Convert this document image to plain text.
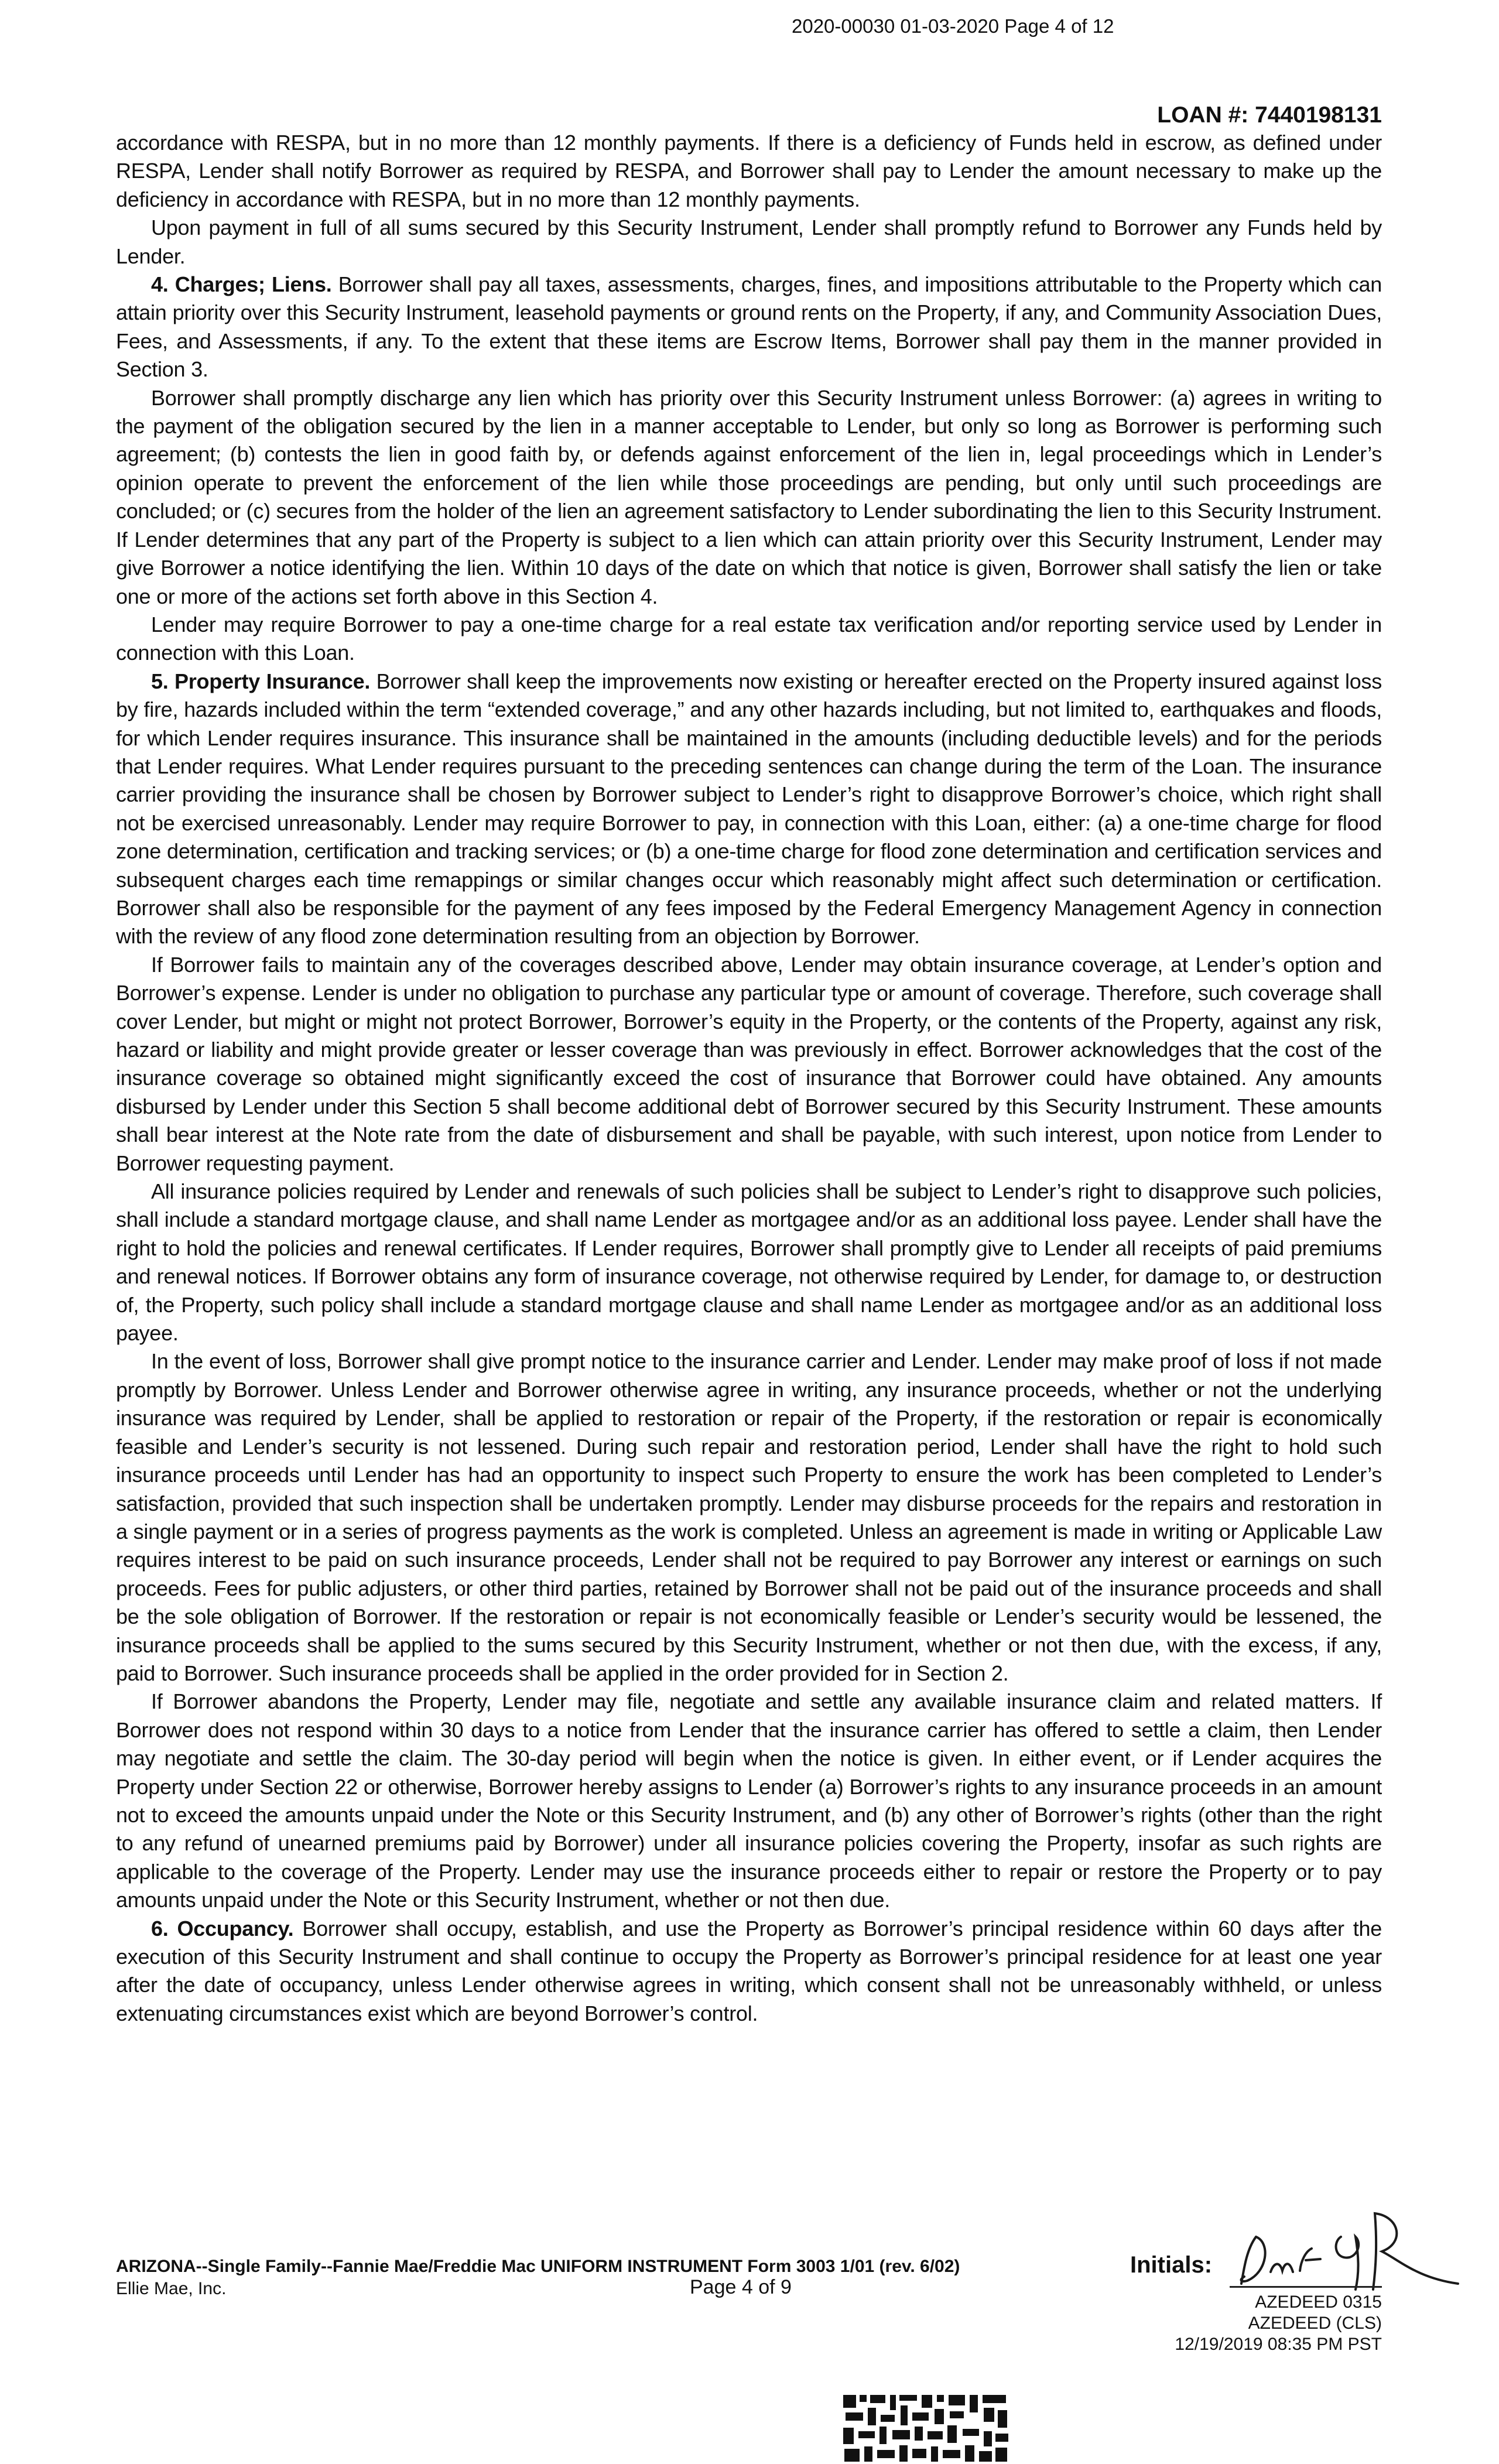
2020-00030 01-03-2020 Page 4 of 12
LOAN #: 7440198131

accordance with RESPA, but in no more than 12 monthly payments. If there is a deficiency of Funds held in escrow, as defined under RESPA, Lender shall notify Borrower as required by RESPA, and Borrower shall pay to Lender the amount necessary to make up the deficiency in accordance with RESPA, but in no more than 12 monthly payments.

Upon payment in full of all sums secured by this Security Instrument, Lender shall promptly refund to Borrower any Funds held by Lender.

4. Charges; Liens. Borrower shall pay all taxes, assessments, charges, fines, and impositions attributable to the Property which can attain priority over this Security Instrument, leasehold payments or ground rents on the Property, if any, and Community Association Dues, Fees, and Assessments, if any. To the extent that these items are Escrow Items, Borrower shall pay them in the manner provided in Section 3.

Borrower shall promptly discharge any lien which has priority over this Security Instrument unless Borrower: (a) agrees in writing to the payment of the obligation secured by the lien in a manner acceptable to Lender, but only so long as Borrower is performing such agreement; (b) contests the lien in good faith by, or defends against enforcement of the lien in, legal proceedings which in Lender’s opinion operate to prevent the enforcement of the lien while those proceedings are pending, but only until such proceedings are concluded; or (c) secures from the holder of the lien an agreement satisfactory to Lender subordinating the lien to this Security Instrument. If Lender determines that any part of the Property is subject to a lien which can attain priority over this Security Instrument, Lender may give Borrower a notice identifying the lien. Within 10 days of the date on which that notice is given, Borrower shall satisfy the lien or take one or more of the actions set forth above in this Section 4.

Lender may require Borrower to pay a one-time charge for a real estate tax verification and/or reporting service used by Lender in connection with this Loan.

5. Property Insurance. Borrower shall keep the improvements now existing or hereafter erected on the Property insured against loss by fire, hazards included within the term “extended coverage,” and any other hazards including, but not limited to, earthquakes and floods, for which Lender requires insurance. This insurance shall be maintained in the amounts (including deductible levels) and for the periods that Lender requires. What Lender requires pursuant to the preceding sentences can change during the term of the Loan. The insurance carrier providing the insurance shall be chosen by Borrower subject to Lender’s right to disapprove Borrower’s choice, which right shall not be exercised unreasonably. Lender may require Borrower to pay, in connection with this Loan, either: (a) a one-time charge for flood zone determination, certification and tracking services; or (b) a one-time charge for flood zone determination and certification services and subsequent charges each time remappings or similar changes occur which reasonably might affect such determination or certification. Borrower shall also be responsible for the payment of any fees imposed by the Federal Emergency Management Agency in connection with the review of any flood zone determination resulting from an objection by Borrower.

If Borrower fails to maintain any of the coverages described above, Lender may obtain insurance coverage, at Lender’s option and Borrower’s expense. Lender is under no obligation to purchase any particular type or amount of coverage. Therefore, such coverage shall cover Lender, but might or might not protect Borrower, Borrower’s equity in the Property, or the contents of the Property, against any risk, hazard or liability and might provide greater or lesser coverage than was previously in effect. Borrower acknowledges that the cost of the insurance coverage so obtained might significantly exceed the cost of insurance that Borrower could have obtained. Any amounts disbursed by Lender under this Section 5 shall become additional debt of Borrower secured by this Security Instrument. These amounts shall bear interest at the Note rate from the date of disbursement and shall be payable, with such interest, upon notice from Lender to Borrower requesting payment.

All insurance policies required by Lender and renewals of such policies shall be subject to Lender’s right to disapprove such policies, shall include a standard mortgage clause, and shall name Lender as mortgagee and/or as an additional loss payee. Lender shall have the right to hold the policies and renewal certificates. If Lender requires, Borrower shall promptly give to Lender all receipts of paid premiums and renewal notices. If Borrower obtains any form of insurance coverage, not otherwise required by Lender, for damage to, or destruction of, the Property, such policy shall include a standard mortgage clause and shall name Lender as mortgagee and/or as an additional loss payee.

In the event of loss, Borrower shall give prompt notice to the insurance carrier and Lender. Lender may make proof of loss if not made promptly by Borrower. Unless Lender and Borrower otherwise agree in writing, any insurance proceeds, whether or not the underlying insurance was required by Lender, shall be applied to restoration or repair of the Property, if the restoration or repair is economically feasible and Lender’s security is not lessened. During such repair and restoration period, Lender shall have the right to hold such insurance proceeds until Lender has had an opportunity to inspect such Property to ensure the work has been completed to Lender’s satisfaction, provided that such inspection shall be undertaken promptly. Lender may disburse proceeds for the repairs and restoration in a single payment or in a series of progress payments as the work is completed. Unless an agreement is made in writing or Applicable Law requires interest to be paid on such insurance proceeds, Lender shall not be required to pay Borrower any interest or earnings on such proceeds. Fees for public adjusters, or other third parties, retained by Borrower shall not be paid out of the insurance proceeds and shall be the sole obligation of Borrower. If the restoration or repair is not economically feasible or Lender’s security would be lessened, the insurance proceeds shall be applied to the sums secured by this Security Instrument, whether or not then due, with the excess, if any, paid to Borrower. Such insurance proceeds shall be applied in the order provided for in Section 2.

If Borrower abandons the Property, Lender may file, negotiate and settle any available insurance claim and related matters. If Borrower does not respond within 30 days to a notice from Lender that the insurance carrier has offered to settle a claim, then Lender may negotiate and settle the claim. The 30-day period will begin when the notice is given. In either event, or if Lender acquires the Property under Section 22 or otherwise, Borrower hereby assigns to Lender (a) Borrower’s rights to any insurance proceeds in an amount not to exceed the amounts unpaid under the Note or this Security Instrument, and (b) any other of Borrower’s rights (other than the right to any refund of unearned premiums paid by Borrower) under all insurance policies covering the Property, insofar as such rights are applicable to the coverage of the Property. Lender may use the insurance proceeds either to repair or restore the Property or to pay amounts unpaid under the Note or this Security Instrument, whether or not then due.

6. Occupancy. Borrower shall occupy, establish, and use the Property as Borrower’s principal residence within 60 days after the execution of this Security Instrument and shall continue to occupy the Property as Borrower’s principal residence for at least one year after the date of occupancy, unless Lender otherwise agrees in writing, which consent shall not be unreasonably withheld, or unless extenuating circumstances exist which are beyond Borrower’s control.

ARIZONA--Single Family--Fannie Mae/Freddie Mac UNIFORM INSTRUMENT Form 3003 1/01 (rev. 6/02)
Ellie Mae, Inc.	Page 4 of 9
Initials:
AZEDEED 0315
AZEDEED (CLS)
12/19/2019 08:35 PM PST
